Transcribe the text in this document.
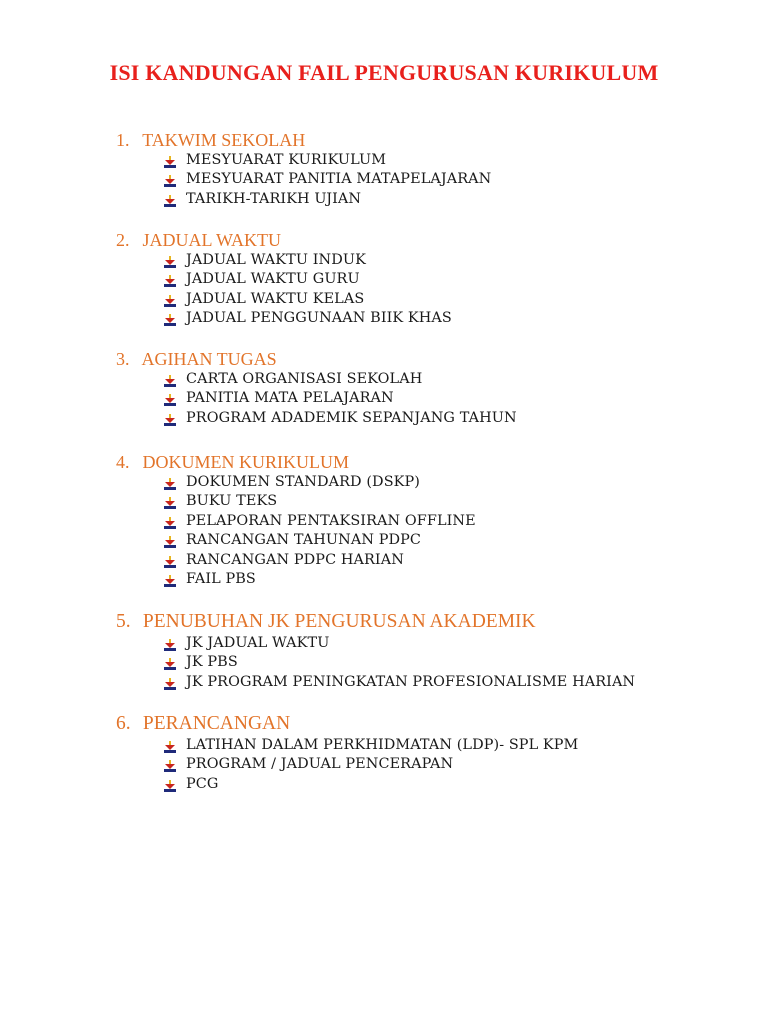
ISI KANDUNGAN FAIL PENGURUSAN KURIKULUM
1. TAKWIM SEKOLAH
MESYUARAT KURIKULUM
MESYUARAT PANITIA MATAPELAJARAN
TARIKH-TARIKH UJIAN
2. JADUAL WAKTU
JADUAL WAKTU INDUK
JADUAL WAKTU GURU
JADUAL WAKTU KELAS
JADUAL PENGGUNAAN BIIK KHAS
3. AGIHAN TUGAS
CARTA ORGANISASI SEKOLAH
PANITIA MATA PELAJARAN
PROGRAM ADADEMIK SEPANJANG TAHUN
4. DOKUMEN KURIKULUM
DOKUMEN STANDARD (DSKP)
BUKU TEKS
PELAPORAN PENTAKSIRAN OFFLINE
RANCANGAN TAHUNAN PDPC
RANCANGAN PDPC HARIAN
FAIL PBS
5. PENUBUHAN JK PENGURUSAN AKADEMIK
JK JADUAL WAKTU
JK PBS
JK PROGRAM PENINGKATAN PROFESIONALISME HARIAN
6. PERANCANGAN
LATIHAN DALAM PERKHIDMATAN (LDP)- SPL KPM
PROGRAM / JADUAL PENCERAPAN
PCG
